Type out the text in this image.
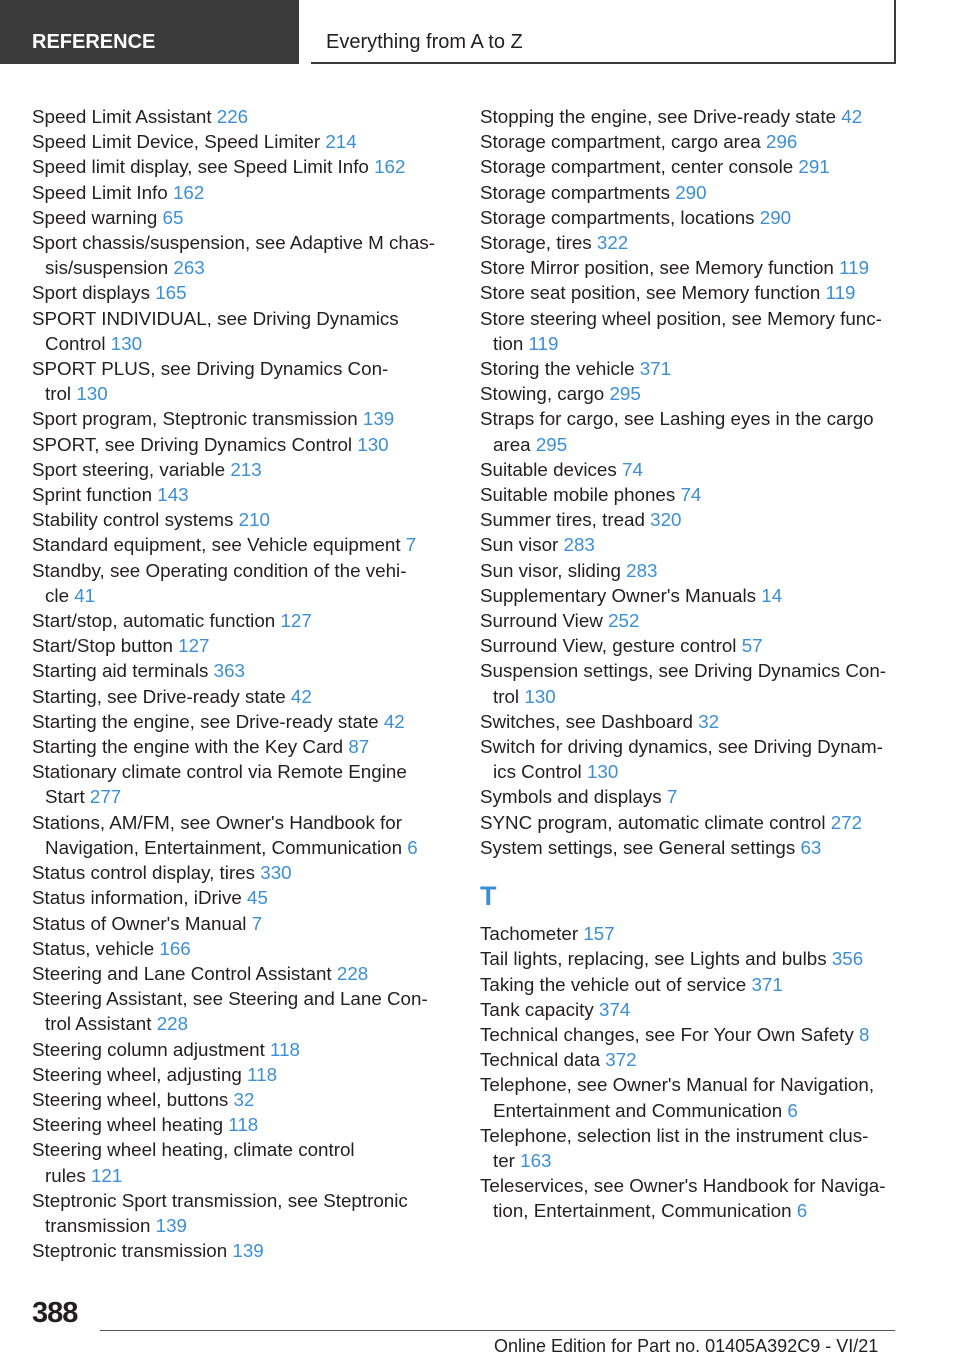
REFERENCE	Everything from A to Z
Speed Limit Assistant 226
Speed Limit Device, Speed Limiter 214
Speed limit display, see Speed Limit Info 162
Speed Limit Info 162
Speed warning 65
Sport chassis/suspension, see Adaptive M chas-
sis/suspension 263
Sport displays 165
SPORT INDIVIDUAL, see Driving Dynamics
Control 130
SPORT PLUS, see Driving Dynamics Con-
trol 130
Sport program, Steptronic transmission 139
SPORT, see Driving Dynamics Control 130
Sport steering, variable 213
Sprint function 143
Stability control systems 210
Standard equipment, see Vehicle equipment 7
Standby, see Operating condition of the vehi-
cle 41
Start/stop, automatic function 127
Start/Stop button 127
Starting aid terminals 363
Starting, see Drive-ready state 42
Starting the engine, see Drive-ready state 42
Starting the engine with the Key Card 87
Stationary climate control via Remote Engine
Start 277
Stations, AM/FM, see Owner's Handbook for
Navigation, Entertainment, Communication 6
Status control display, tires 330
Status information, iDrive 45
Status of Owner's Manual 7
Status, vehicle 166
Steering and Lane Control Assistant 228
Steering Assistant, see Steering and Lane Con-
trol Assistant 228
Steering column adjustment 118
Steering wheel, adjusting 118
Steering wheel, buttons 32
Steering wheel heating 118
Steering wheel heating, climate control
rules 121
Steptronic Sport transmission, see Steptronic
transmission 139
Steptronic transmission 139
Stopping the engine, see Drive-ready state 42
Storage compartment, cargo area 296
Storage compartment, center console 291
Storage compartments 290
Storage compartments, locations 290
Storage, tires 322
Store Mirror position, see Memory function 119
Store seat position, see Memory function 119
Store steering wheel position, see Memory func-
tion 119
Storing the vehicle 371
Stowing, cargo 295
Straps for cargo, see Lashing eyes in the cargo
area 295
Suitable devices 74
Suitable mobile phones 74
Summer tires, tread 320
Sun visor 283
Sun visor, sliding 283
Supplementary Owner's Manuals 14
Surround View 252
Surround View, gesture control 57
Suspension settings, see Driving Dynamics Con-
trol 130
Switches, see Dashboard 32
Switch for driving dynamics, see Driving Dynam-
ics Control 130
Symbols and displays 7
SYNC program, automatic climate control 272
System settings, see General settings 63
T
Tachometer 157
Tail lights, replacing, see Lights and bulbs 356
Taking the vehicle out of service 371
Tank capacity 374
Technical changes, see For Your Own Safety 8
Technical data 372
Telephone, see Owner's Manual for Navigation,
Entertainment and Communication 6
Telephone, selection list in the instrument clus-
ter 163
Teleservices, see Owner's Handbook for Naviga-
tion, Entertainment, Communication 6
388
Online Edition for Part no. 01405A392C9 - VI/21
